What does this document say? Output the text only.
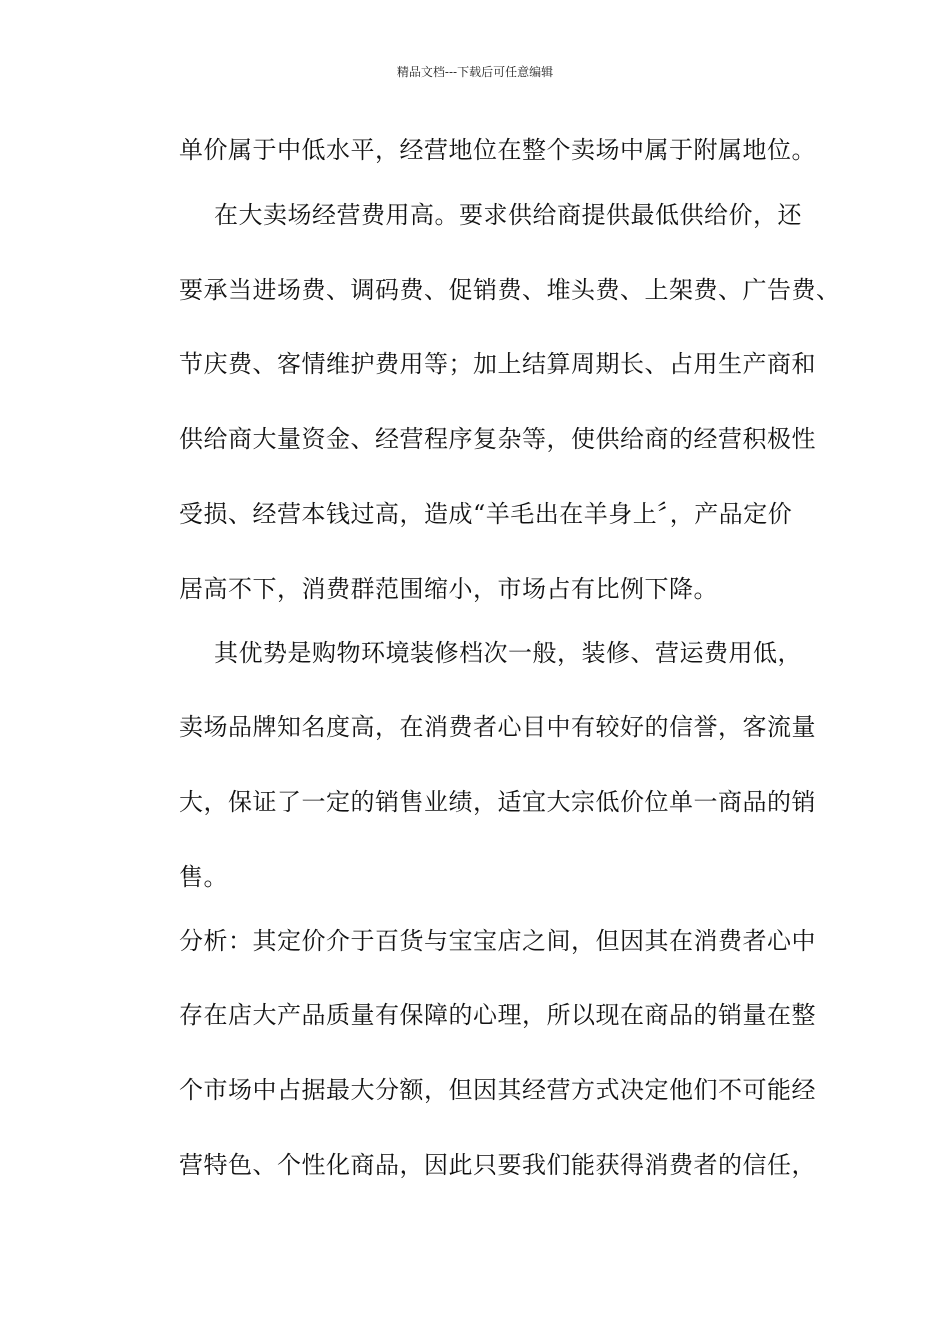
精品文档---下载后可任意编辑
单价属于中低水平，经营地位在整个卖场中属于附属地位。
在大卖场经营费用高。要求供给商提供最低供给价，还
要承当进场费、调码费、促销费、堆头费、上架费、广告费、
节庆费、客情维护费用等；加上结算周期长、占用生产商和
供给商大量资金、经营程序复杂等，使供给商的经营积极性
受损、经营本钱过高，造成“羊毛出在羊身上〞，产品定价
居高不下，消费群范围缩小，市场占有比例下降。
其优势是购物环境装修档次一般，装修、营运费用低，
卖场品牌知名度高，在消费者心目中有较好的信誉，客流量
大，保证了一定的销售业绩，适宜大宗低价位单一商品的销
售。
分析：其定价介于百货与宝宝店之间，但因其在消费者心中
存在店大产品质量有保障的心理，所以现在商品的销量在整
个市场中占据最大分额，但因其经营方式决定他们不可能经
营特色、个性化商品，因此只要我们能获得消费者的信任，
